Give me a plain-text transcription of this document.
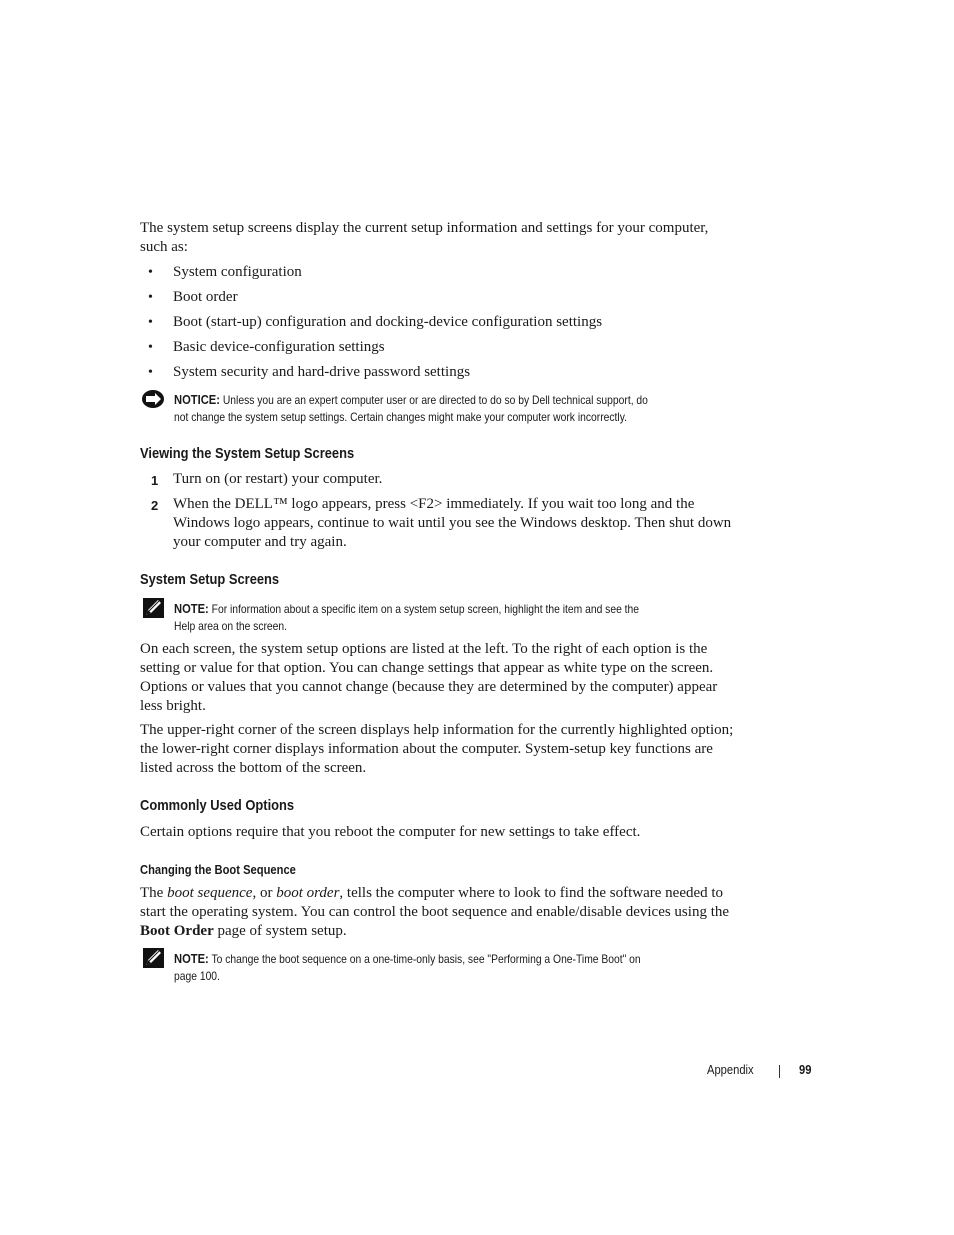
The system setup screens display the current setup information and settings for your computer,
such as:
• System configuration
• Boot order
• Boot (start-up) configuration and docking-device configuration settings
• Basic device-configuration settings
• System security and hard-drive password settings
NOTICE: Unless you are an expert computer user or are directed to do so by Dell technical support, do
not change the system setup settings. Certain changes might make your computer work incorrectly.
Viewing the System Setup Screens
1 Turn on (or restart) your computer.
2 When the DELL™ logo appears, press <F2> immediately. If you wait too long and the
Windows logo appears, continue to wait until you see the Windows desktop. Then shut down
your computer and try again.
System Setup Screens
NOTE: For information about a specific item on a system setup screen, highlight the item and see the
Help area on the screen.
On each screen, the system setup options are listed at the left. To the right of each option is the
setting or value for that option. You can change settings that appear as white type on the screen.
Options or values that you cannot change (because they are determined by the computer) appear
less bright.
The upper-right corner of the screen displays help information for the currently highlighted option;
the lower-right corner displays information about the computer. System-setup key functions are
listed across the bottom of the screen.
Commonly Used Options
Certain options require that you reboot the computer for new settings to take effect.
Changing the Boot Sequence
The boot sequence, or boot order, tells the computer where to look to find the software needed to
start the operating system. You can control the boot sequence and enable/disable devices using the
Boot Order page of system setup.
NOTE: To change the boot sequence on a one-time-only basis, see "Performing a One-Time Boot" on
page 100.
Appendix	99
